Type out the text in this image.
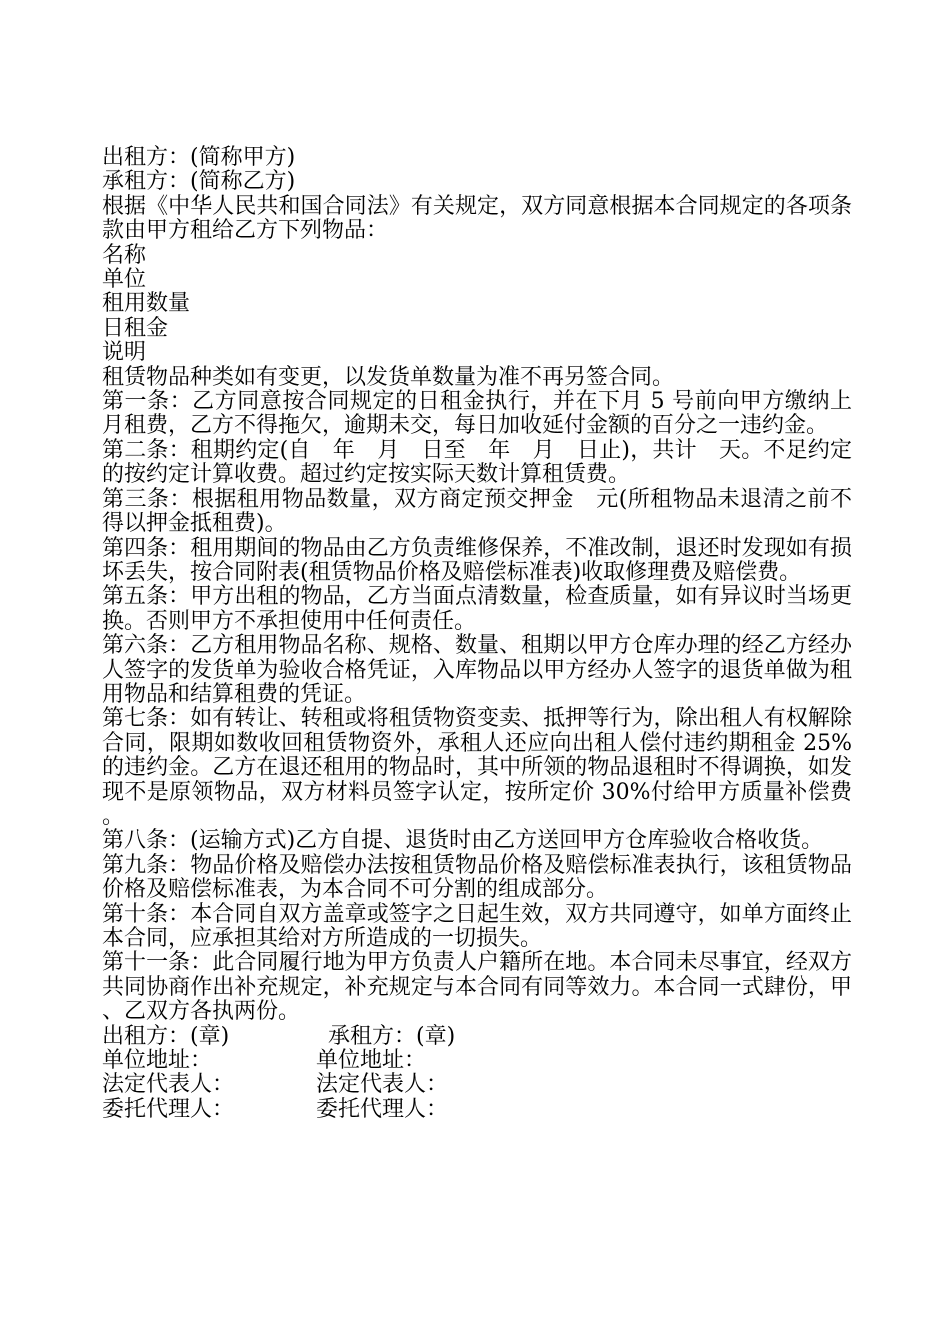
出租方：(简称甲方)

承租方：(简称乙方)

根据《中华人民共和国合同法》有关规定，双方同意根据本合同规定的各项条款由甲方租给乙方下列物品：

名称

单位

租用数量

日租金

说明

租赁物品种类如有变更，以发货单数量为准不再另签合同。

第一条：乙方同意按合同规定的日租金执行，并在下月 5 号前向甲方缴纳上月租费，乙方不得拖欠，逾期未交，每日加收延付金额的百分之一违约金。

第二条：租期约定(自　年　月　日至　年　月　日止)，共计　天。不足约定的按约定计算收费。超过约定按实际天数计算租赁费。

第三条：根据租用物品数量，双方商定预交押金　元(所租物品未退清之前不得以押金抵租费)。

第四条：租用期间的物品由乙方负责维修保养，不准改制，退还时发现如有损坏丢失，按合同附表(租赁物品价格及赔偿标准表)收取修理费及赔偿费。

第五条：甲方出租的物品，乙方当面点清数量，检查质量，如有异议时当场更换。否则甲方不承担使用中任何责任。

第六条：乙方租用物品名称、规格、数量、租期以甲方仓库办理的经乙方经办人签字的发货单为验收合格凭证，入库物品以甲方经办人签字的退货单做为租用物品和结算租费的凭证。

第七条：如有转让、转租或将租赁物资变卖、抵押等行为，除出租人有权解除合同，限期如数收回租赁物资外，承租人还应向出租人偿付违约期租金 25%的违约金。乙方在退还租用的物品时，其中所领的物品退租时不得调换，如发现不是原领物品，双方材料员签字认定，按所定价 30%付给甲方质量补偿费。

第八条：(运输方式)乙方自提、退货时由乙方送回甲方仓库验收合格收货。

第九条：物品价格及赔偿办法按租赁物品价格及赔偿标准表执行，该租赁物品价格及赔偿标准表，为本合同不可分割的组成部分。

第十条：本合同自双方盖章或签字之日起生效，双方共同遵守，如单方面终止本合同，应承担其给对方所造成的一切损失。

第十一条：此合同履行地为甲方负责人户籍所在地。本合同未尽事宜，经双方共同协商作出补充规定，补充规定与本合同有同等效力。本合同一式肆份，甲、乙双方各执两份。

出租方：(章)	承租方：(章)
单位地址：	单位地址：
法定代表人：	法定代表人：
委托代理人：	委托代理人：
